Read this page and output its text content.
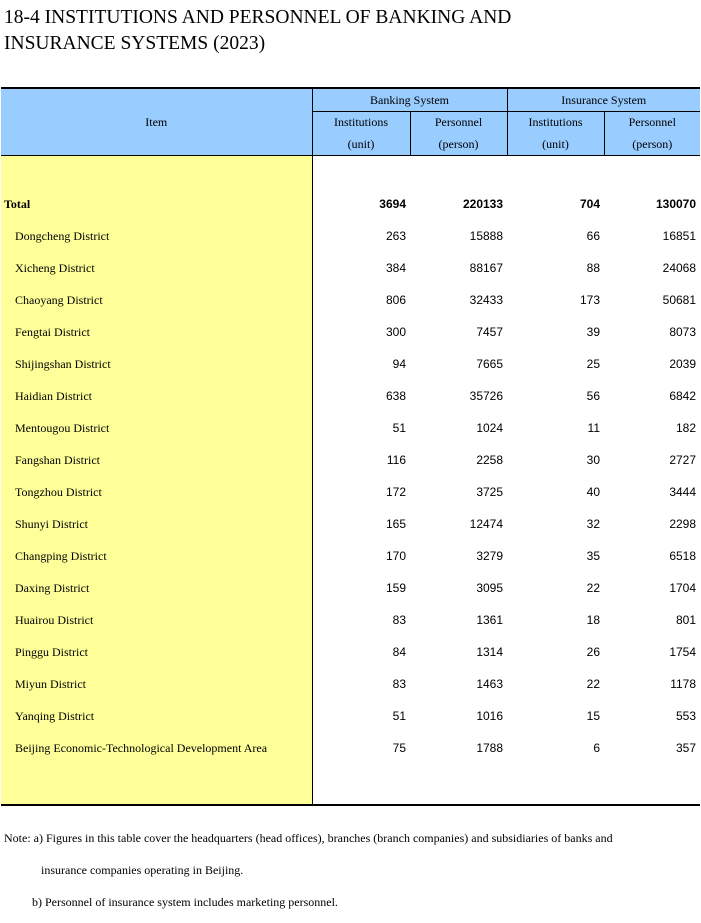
18-4 INSTITUTIONS AND PERSONNEL OF BANKING AND
INSURANCE SYSTEMS (2023)
Item	Banking System		Insurance System	
	Institutions	Personnel	Institutions	Personnel
	(unit)	(person)	(unit)	(person)

Total	3694	220133	704	130070
Dongcheng District	263	15888	66	16851
Xicheng District	384	88167	88	24068
Chaoyang District	806	32433	173	50681
Fengtai District	300	7457	39	8073
Shijingshan District	94	7665	25	2039
Haidian District	638	35726	56	6842
Mentougou District	51	1024	11	182
Fangshan District	116	2258	30	2727
Tongzhou District	172	3725	40	3444
Shunyi District	165	12474	32	2298
Changping District	170	3279	35	6518
Daxing District	159	3095	22	1704
Huairou District	83	1361	18	801
Pinggu District	84	1314	26	1754
Miyun District	83	1463	22	1178
Yanqing District	51	1016	15	553
Beijing Economic-Technological Development Area	75	1788	6	357

Note: a) Figures in this table cover the headquarters (head offices), branches (branch companies) and subsidiaries of banks and
insurance companies operating in Beijing.
b) Personnel of insurance system includes marketing personnel.
